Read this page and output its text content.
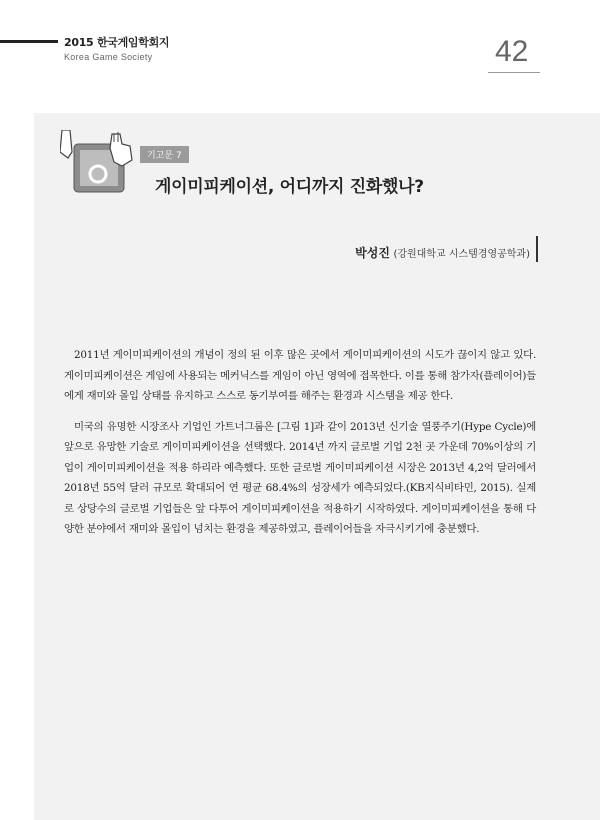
2015 한국게임학회지
Korea Game Society	42
기고문 7
게이미피케이션, 어디까지 진화했나?
박성진 (강원대학교 시스템경영공학과)

2011년 게이미피케이션의 개념이 정의 된 이후 많은 곳에서 게이미피케이션의 시도가 끊이지 않고 있다. 게이미피케이션은 게임에 사용되는 메커닉스를 게임이 아닌 영역에 접목한다. 이를 통해 참가자(플레이어)들에게 재미와 몰입 상태를 유지하고 스스로 동기부여를 해주는 환경과 시스템을 제공 한다.

미국의 유명한 시장조사 기업인 가트너그룹은 [그림 1]과 같이 2013년 신기술 열풍주기(Hype Cycle)에 앞으로 유망한 기술로 게이미피케이션을 선택했다. 2014년 까지 글로벌 기업 2천 곳 가운데 70%이상의 기업이 게이미피케이션을 적용 하리라 예측했다. 또한 글로벌 게이미피케이션 시장은 2013년 4,2억 달러에서 2018년 55억 달러 규모로 확대되어 연 평균 68.4%의 성장세가 예측되었다.(KB지식비타민, 2015). 실제로 상당수의 글로벌 기업들은 앞 다투어 게이미피케이션을 적용하기 시작하였다. 게이미피케이션을 통해 다양한 분야에서 재미와 몰입이 넘치는 환경을 제공하였고, 플레이어들을 자극시키기에 충분했다.
